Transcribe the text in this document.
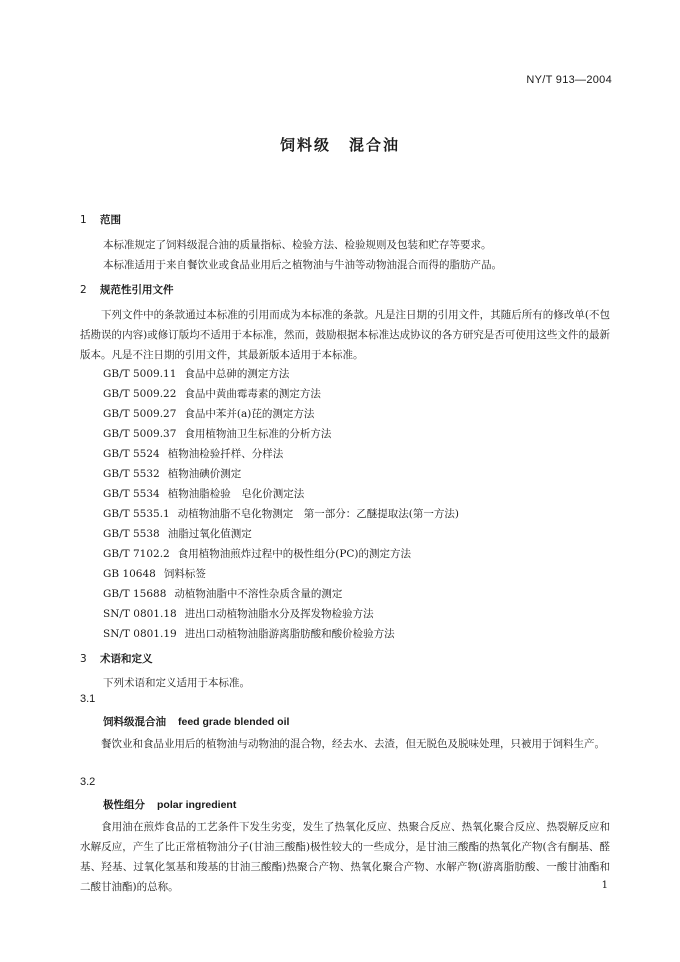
NY/T 913—2004
饲料级 混合油
1 范围
本标准规定了饲料级混合油的质量指标、检验方法、检验规则及包装和贮存等要求。
本标准适用于来自餐饮业或食品业用后之植物油与牛油等动物油混合而得的脂肪产品。
2 规范性引用文件
下列文件中的条款通过本标准的引用而成为本标准的条款。凡是注日期的引用文件，其随后所有的修改单(不包括勘误的内容)或修订版均不适用于本标准，然而，鼓励根据本标准达成协议的各方研究是否可使用这些文件的最新版本。凡是不注日期的引用文件，其最新版本适用于本标准。
GB/T 5009.11 食品中总砷的测定方法
GB/T 5009.22 食品中黄曲霉毒素的测定方法
GB/T 5009.27 食品中苯并(a)芘的测定方法
GB/T 5009.37 食用植物油卫生标准的分析方法
GB/T 5524 植物油检验扦样、分样法
GB/T 5532 植物油碘价测定
GB/T 5534 植物油脂检验　皂化价测定法
GB/T 5535.1 动植物油脂不皂化物测定　第一部分：乙醚提取法(第一方法)
GB/T 5538 油脂过氧化值测定
GB/T 7102.2 食用植物油煎炸过程中的极性组分(PC)的测定方法
GB 10648 饲料标签
GB/T 15688 动植物油脂中不溶性杂质含量的测定
SN/T 0801.18 进出口动植物油脂水分及挥发物检验方法
SN/T 0801.19 进出口动植物油脂游离脂肪酸和酸价检验方法
3 术语和定义
下列术语和定义适用于本标准。
3.1
饲料级混合油 feed grade blended oil
餐饮业和食品业用后的植物油与动物油的混合物，经去水、去渣，但无脱色及脱味处理，只被用于饲料生产。
3.2
极性组分 polar ingredient
食用油在煎炸食品的工艺条件下发生劣变，发生了热氧化反应、热聚合反应、热氧化聚合反应、热裂解反应和水解反应，产生了比正常植物油分子(甘油三酸酯)极性较大的一些成分，是甘油三酸酯的热氧化产物(含有酮基、醛基、羟基、过氧化氢基和羧基的甘油三酸酯)热聚合产物、热氧化聚合产物、水解产物(游离脂肪酸、一酸甘油酯和二酸甘油酯)的总称。	1
